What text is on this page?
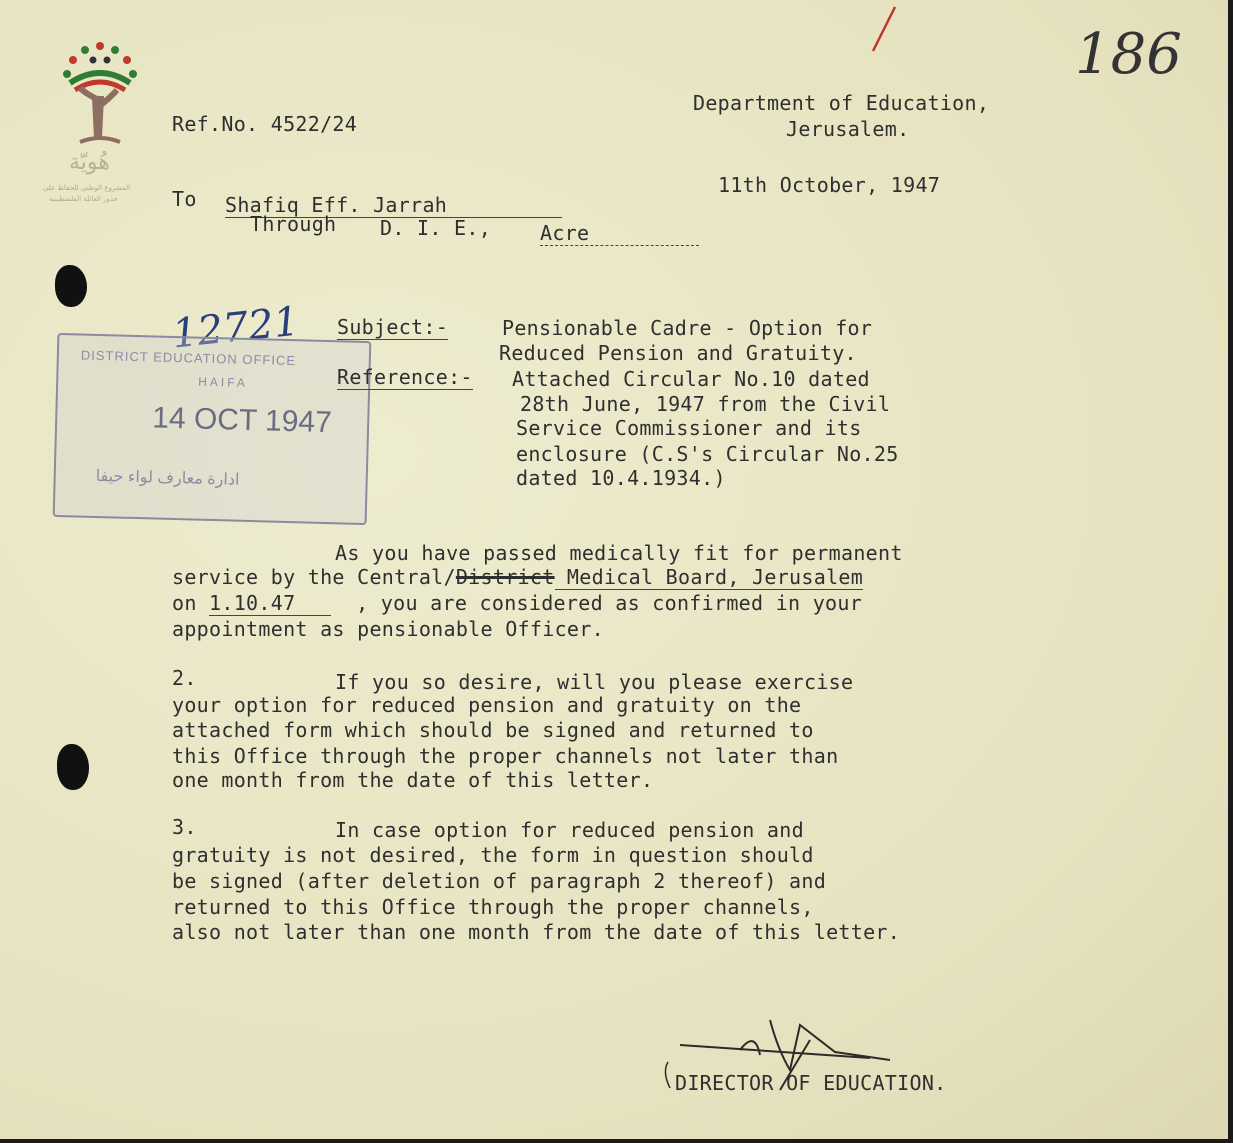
هُويّة
المشروع الوطني للحفاظ على
جذور العائلة الفلسطينية
186
Ref.No. 4522/24
Department of Education,
Jerusalem.
11th October, 1947
To Shafiq Eff. Jarrah
Through D. I. E., Acre
12721
DISTRICT EDUCATION OFFICE
HAIFA
14 OCT 1947
ادارة معارف لواء حيفا
Subject:-	Pensionable Cadre - Option for
Reduced Pension and Gratuity.
Reference:- Attached Circular No.10 dated
28th June, 1947 from the Civil
Service Commissioner and its
enclosure (C.S's Circular No.25
dated 10.4.1934.)
As you have passed medically fit for permanent
service by the Central/District Medical Board, Jerusalem
on 1.10.47  , you are considered as confirmed in your
appointment as pensionable Officer.
2.	If you so desire, will you please exercise
your option for reduced pension and gratuity on the
attached form which should be signed and returned to
this Office through the proper channels not later than
one month from the date of this letter.
3.	In case option for reduced pension and
gratuity is not desired, the form in question should
be signed (after deletion of paragraph 2 thereof) and
returned to this Office through the proper channels,
also not later than one month from the date of this letter.
DIRECTOR OF EDUCATION.
